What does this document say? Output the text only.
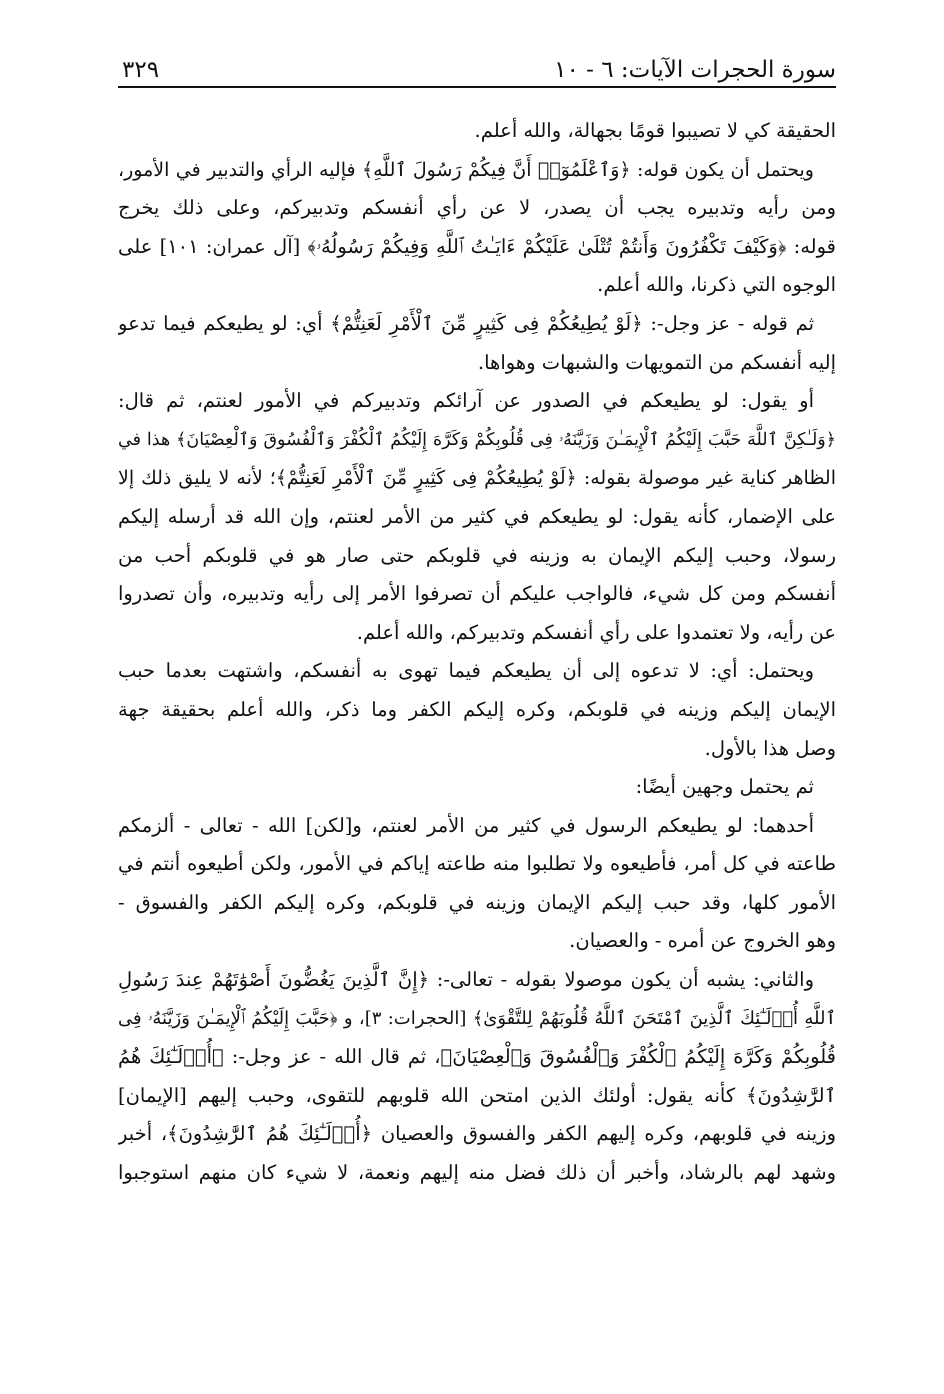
سورة الحجرات الآيات: ٦ - ١٠
٣٢٩
الحقيقة كي لا تصيبوا قومًا بجهالة، والله أعلم.
ويحتمل أن يكون قوله: ﴿وَٱعْلَمُوٓا۟ أَنَّ فِيكُمْ رَسُولَ ٱللَّهِ﴾ فإليه الرأي والتدبير في الأمور،
ومن رأيه وتدبيره يجب أن يصدر، لا عن رأي أنفسكم وتدبيركم، وعلى ذلك يخرج
قوله: ﴿وَكَيْفَ تَكْفُرُونَ وَأَنتُمْ تُتْلَىٰ عَلَيْكُمْ ءَايَـٰتُ ٱللَّهِ وَفِيكُمْ رَسُولُهُۥ﴾ [آل عمران: ١٠١] على
الوجوه التي ذكرنا، والله أعلم.
ثم قوله - عز وجل-: ﴿لَوْ يُطِيعُكُمْ فِى كَثِيرٍ مِّنَ ٱلْأَمْرِ لَعَنِتُّمْ﴾ أي: لو يطيعكم فيما تدعو
إليه أنفسكم من التمويهات والشبهات وهواها.
أو يقول: لو يطيعكم في الصدور عن آرائكم وتدبيركم في الأمور لعنتم، ثم قال:
﴿وَلَـٰكِنَّ ٱللَّهَ حَبَّبَ إِلَيْكُمُ ٱلْإِيمَـٰنَ وَزَيَّنَهُۥ فِى قُلُوبِكُمْ وَكَرَّهَ إِلَيْكُمُ ٱلْكُفْرَ وَٱلْفُسُوقَ وَٱلْعِصْيَانَ﴾ هذا في
الظاهر كناية غير موصولة بقوله: ﴿لَوْ يُطِيعُكُمْ فِى كَثِيرٍ مِّنَ ٱلْأَمْرِ لَعَنِتُّمْ﴾؛ لأنه لا يليق ذلك إلا
على الإضمار، كأنه يقول: لو يطيعكم في كثير من الأمر لعنتم، وإن الله قد أرسله إليكم
رسولا، وحبب إليكم الإيمان به وزينه في قلوبكم حتى صار هو في قلوبكم أحب من
أنفسكم ومن كل شيء، فالواجب عليكم أن تصرفوا الأمر إلى رأيه وتدبيره، وأن تصدروا
عن رأيه، ولا تعتمدوا على رأي أنفسكم وتدبيركم، والله أعلم.
ويحتمل: أي: لا تدعوه إلى أن يطيعكم فيما تهوى به أنفسكم، واشتهت بعدما حبب
الإيمان إليكم وزينه في قلوبكم، وكره إليكم الكفر وما ذكر، والله أعلم بحقيقة جهة
وصل هذا بالأول.
ثم يحتمل وجهين أيضًا:
أحدهما: لو يطيعكم الرسول في كثير من الأمر لعنتم، و[لكن] الله - تعالى - ألزمكم
طاعته في كل أمر، فأطيعوه ولا تطلبوا منه طاعته إياكم في الأمور، ولكن أطيعوه أنتم في
الأمور كلها، وقد حبب إليكم الإيمان وزينه في قلوبكم، وكره إليكم الكفر والفسوق -
وهو الخروج عن أمره - والعصيان.
والثاني: يشبه أن يكون موصولا بقوله - تعالى-: ﴿إِنَّ ٱلَّذِينَ يَغُضُّونَ أَصْوَٰتَهُمْ عِندَ رَسُولِ
ٱللَّهِ أُو۟لَـٰٓئِكَ ٱلَّذِينَ ٱمْتَحَنَ ٱللَّهُ قُلُوبَهُمْ لِلتَّقْوَىٰ﴾ [الحجرات: ٣]، و ﴿حَبَّبَ إِلَيْكُمُ ٱلْإِيمَـٰنَ وَزَيَّنَهُۥ فِى
قُلُوبِكُمْ وَكَرَّهَ إِلَيْكُمُ ٱلْكُفْرَ وَٱلْفُسُوقَ وَٱلْعِصْيَانَ﴾، ثم قال الله - عز وجل-: ﴿أُو۟لَـٰٓئِكَ هُمُ
ٱلرَّٰشِدُونَ﴾ كأنه يقول: أولئك الذين امتحن الله قلوبهم للتقوى، وحبب إليهم [الإيمان]
وزينه في قلوبهم، وكره إليهم الكفر والفسوق والعصيان ﴿أُو۟لَـٰٓئِكَ هُمُ ٱلرَّٰشِدُونَ﴾، أخبر
وشهد لهم بالرشاد، وأخبر أن ذلك فضل منه إليهم ونعمة، لا شيء كان منهم استوجبوا
